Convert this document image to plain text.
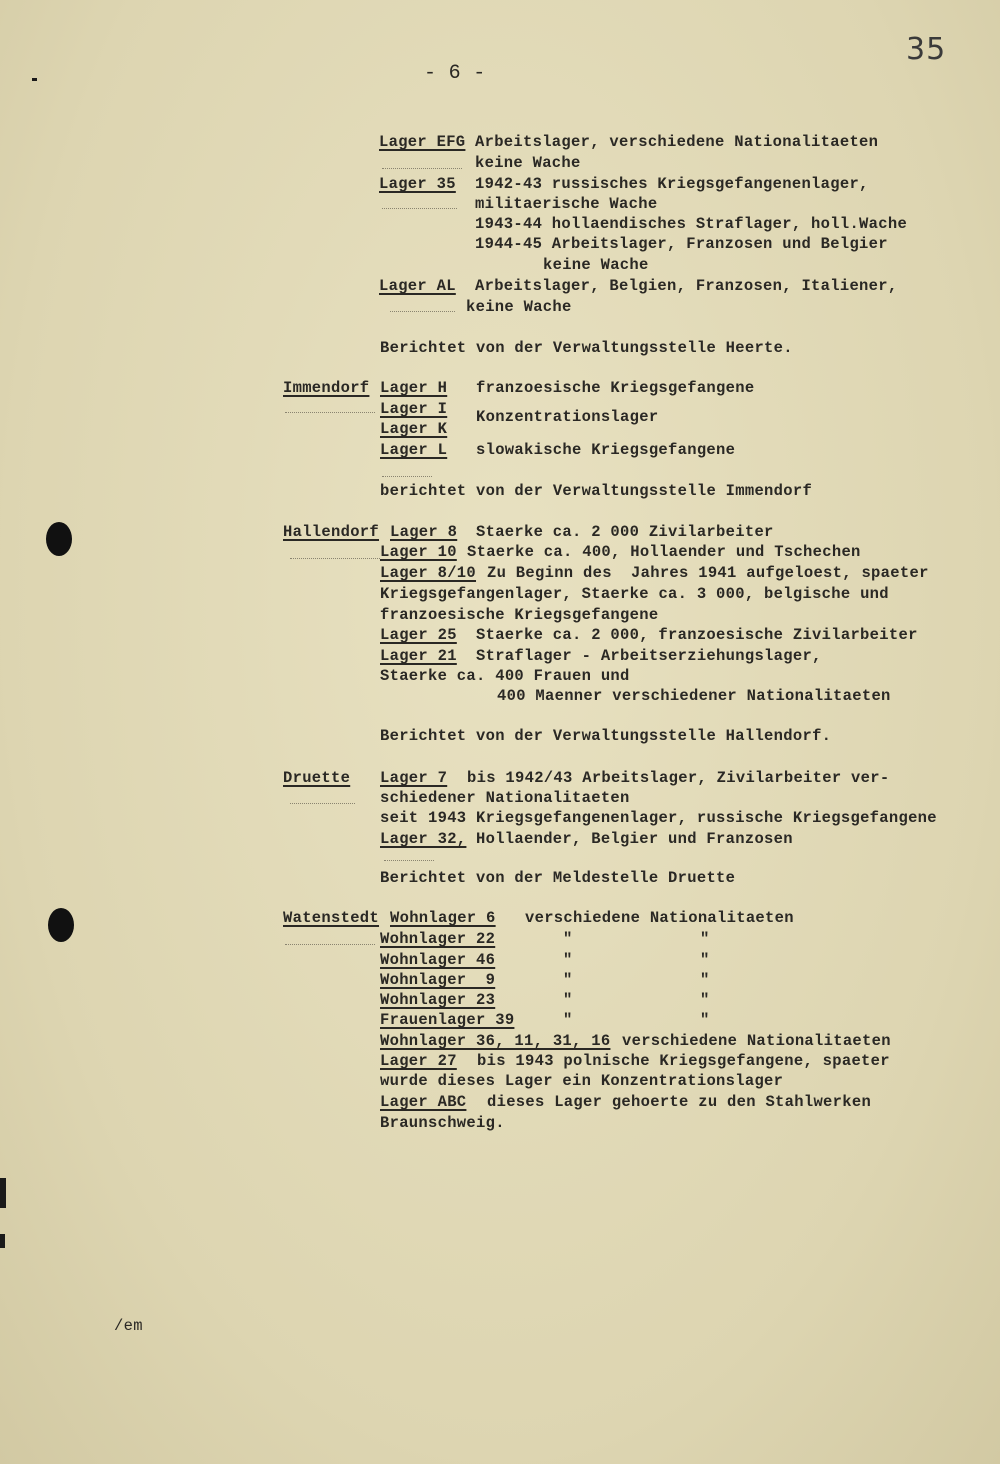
35
- 6 -
Lager EFG Arbeitslager, verschiedene Nationalitaeten
keine Wache
Lager 35 1942-43 russisches Kriegsgefangenenlager,
militaerische Wache
1943-44 hollaendisches Straflager, holl.Wache
1944-45 Arbeitslager, Franzosen und Belgier
keine Wache
Lager AL Arbeitslager, Belgien, Franzosen, Italiener,
keine Wache
Berichtet von der Verwaltungsstelle Heerte.
Immendorf Lager H franzoesische Kriegsgefangene
Lager I Konzentrationslager
Lager K
Lager L slowakische Kriegsgefangene
berichtet von der Verwaltungsstelle Immendorf
Hallendorf Lager 8 Staerke ca. 2 000 Zivilarbeiter
Lager 10 Staerke ca. 400, Hollaender und Tschechen
Lager 8/10 Zu Beginn des  Jahres 1941 aufgeloest, spaeter
Kriegsgefangenlager, Staerke ca. 3 000, belgische und
franzoesische Kriegsgefangene
Lager 25 Staerke ca. 2 000, franzoesische Zivilarbeiter
Lager 21 Straflager - Arbeitserziehungslager,
Staerke ca. 400 Frauen und
400 Maenner verschiedener Nationalitaeten
Berichtet von der Verwaltungsstelle Hallendorf.
Druette Lager 7 bis 1942/43 Arbeitslager, Zivilarbeiter ver-
schiedener Nationalitaeten
seit 1943 Kriegsgefangenenlager, russische Kriegsgefangene
Lager 32, Hollaender, Belgier und Franzosen
Berichtet von der Meldestelle Druette
Watenstedt Wohnlager 6 verschiedene Nationalitaeten
Wohnlager 22	"	"
Wohnlager 46	"	"
Wohnlager  9	"	"
Wohnlager 23	"	"
Frauenlager 39	"	"
Wohnlager 36, 11, 31, 16 verschiedene Nationalitaeten
Lager 27 bis 1943 polnische Kriegsgefangene, spaeter
wurde dieses Lager ein Konzentrationslager
Lager ABC dieses Lager gehoerte zu den Stahlwerken
Braunschweig.
/em
